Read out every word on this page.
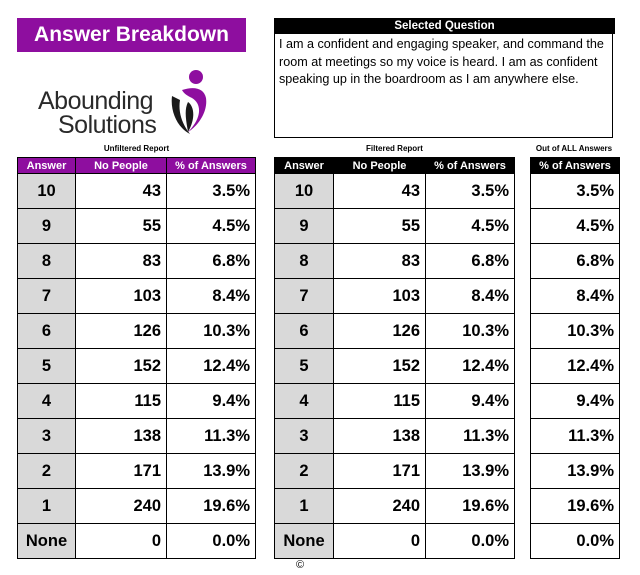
Answer Breakdown
Abounding
Solutions
Selected Question
I am a confident and engaging speaker, and command the room at meetings so my voice is heard. I am as confident speaking up in the boardroom as I am anywhere else.
Unfiltered Report	Filtered Report	Out of ALL Answers
Answer	No People	% of Answers
10	43	3.5%
9	55	4.5%
8	83	6.8%
7	103	8.4%
6	126	10.3%
5	152	12.4%
4	115	9.4%
3	138	11.3%
2	171	13.9%
1	240	19.6%
None	0	0.0%
Answer	No People	% of Answers
10	43	3.5%
9	55	4.5%
8	83	6.8%
7	103	8.4%
6	126	10.3%
5	152	12.4%
4	115	9.4%
3	138	11.3%
2	171	13.9%
1	240	19.6%
None	0	0.0%
% of Answers
3.5%
4.5%
6.8%
8.4%
10.3%
12.4%
9.4%
11.3%
13.9%
19.6%
0.0%
©
